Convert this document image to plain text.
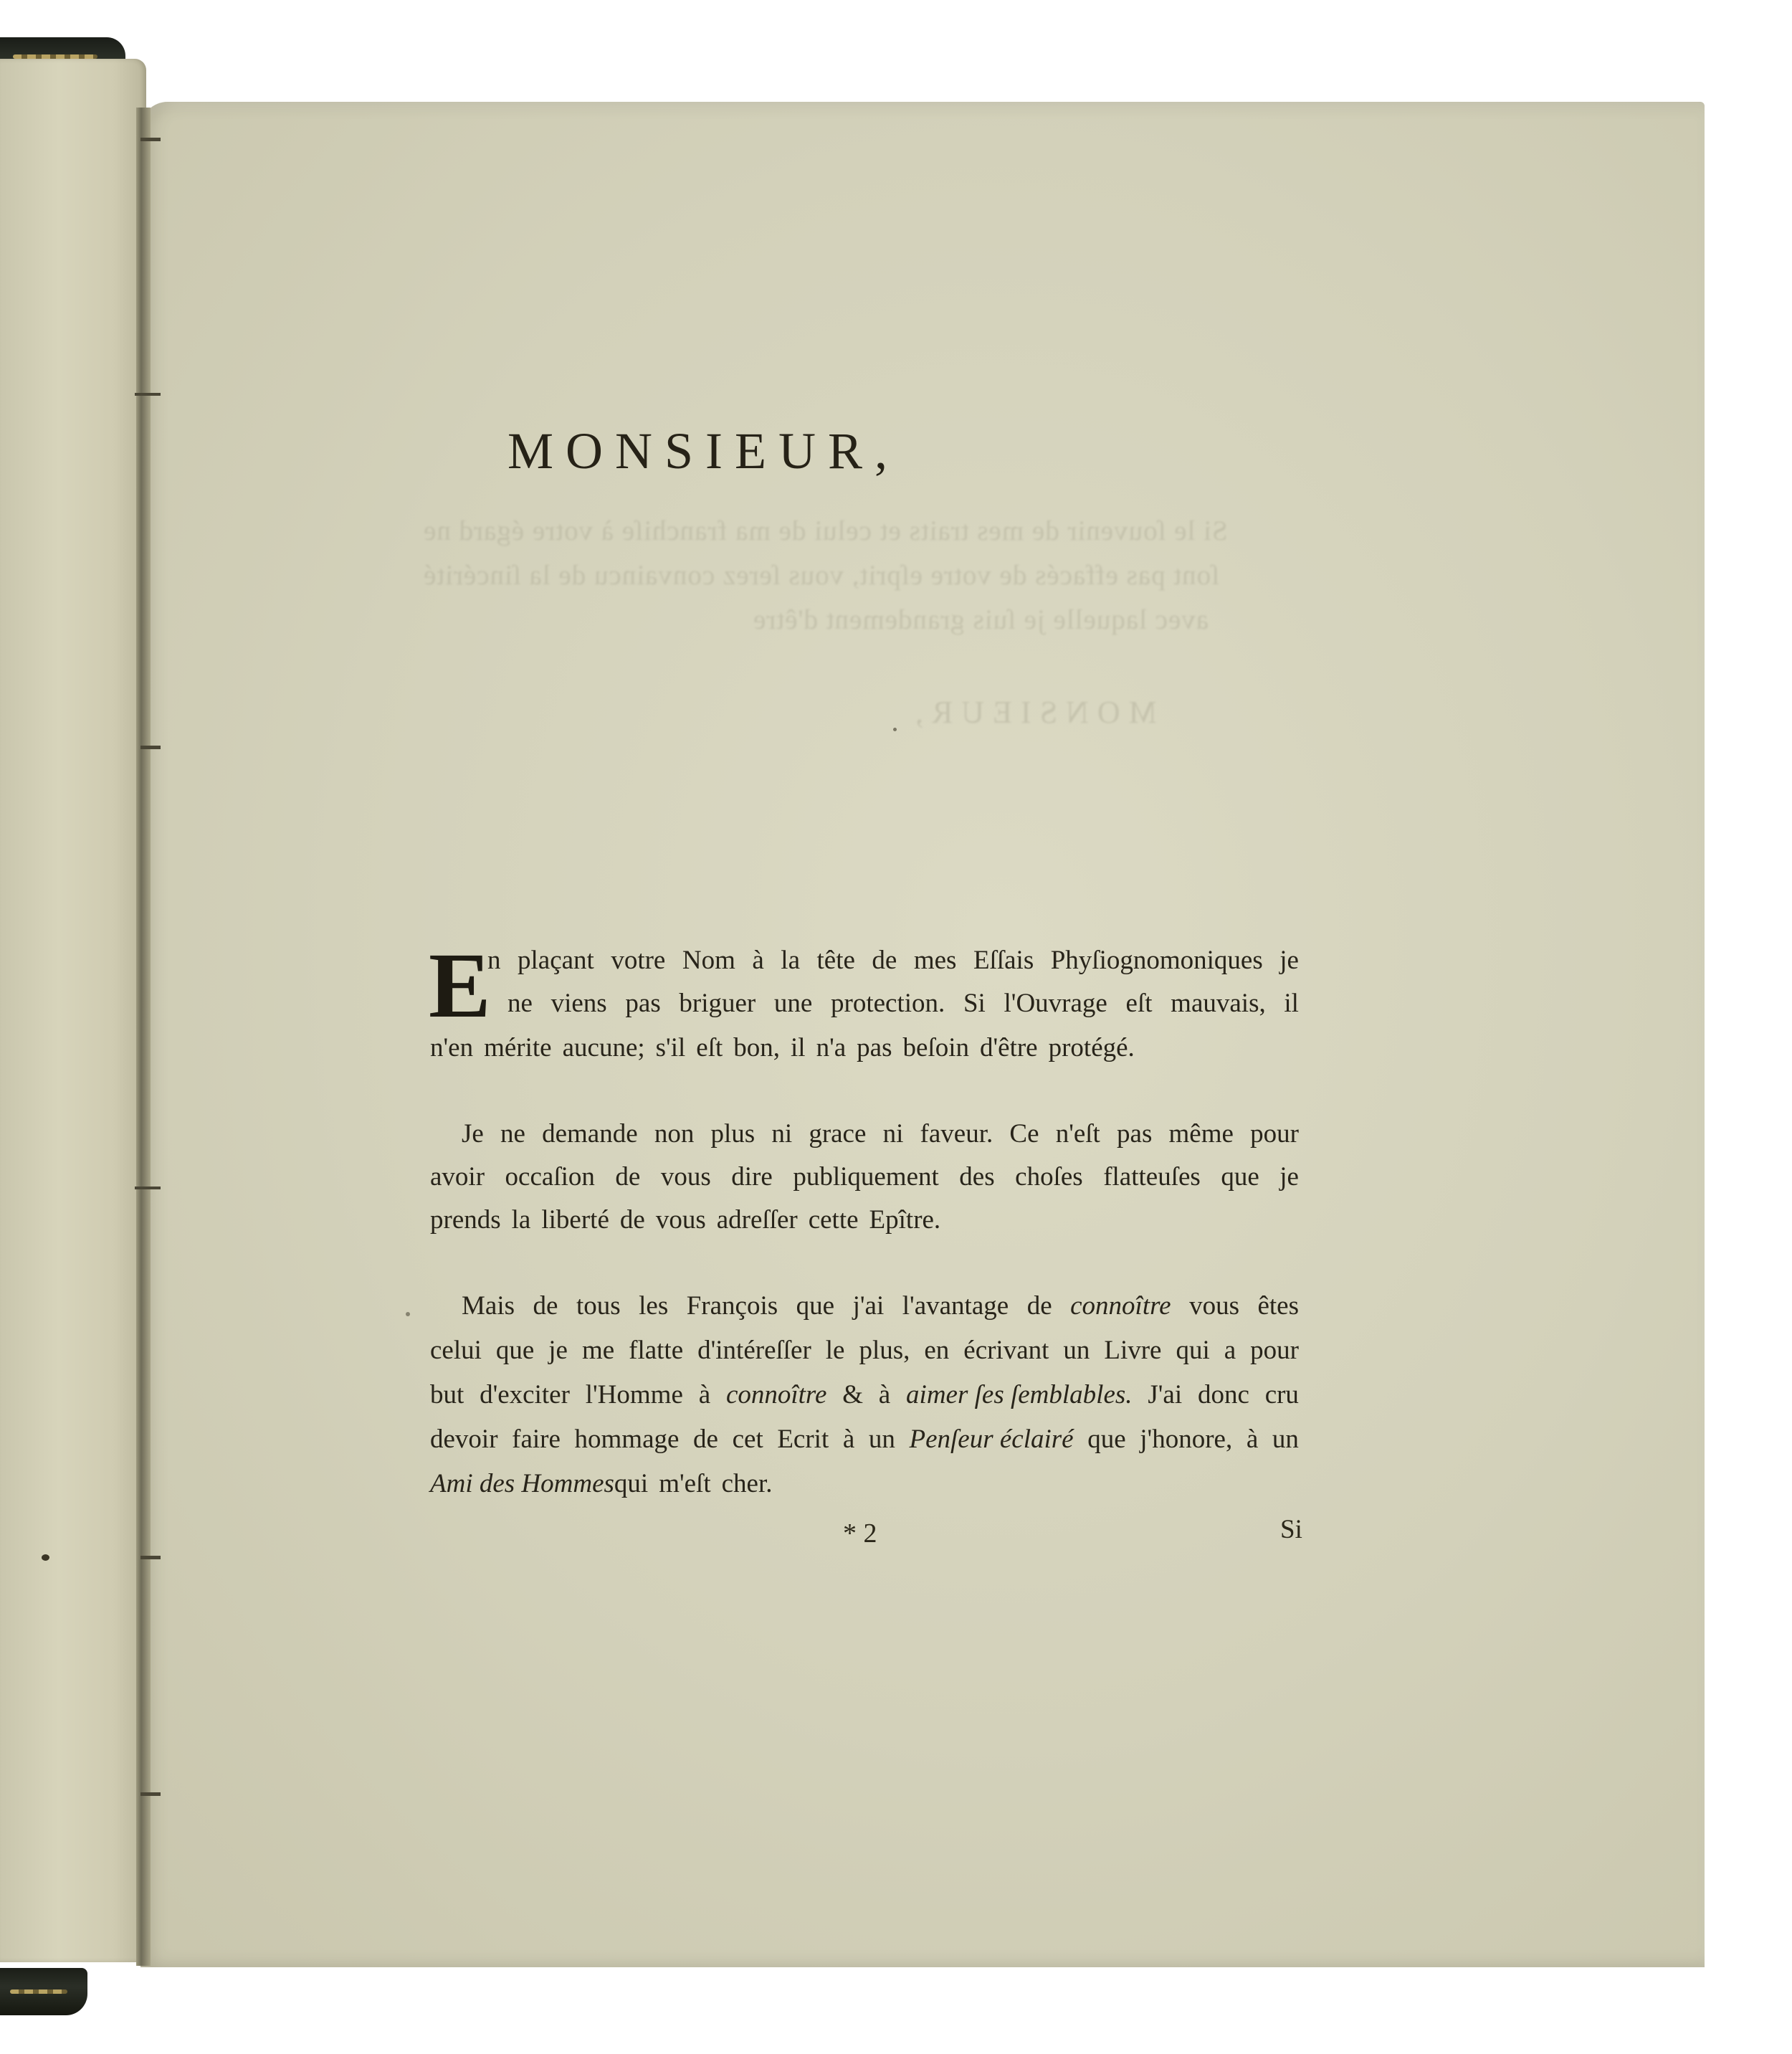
Si le ſouvenir de mes traits et celui de ma franchiſe à votre égard ne
ſont pas effacés de votre eſprit, vous ſerez convaincu de la ſincérité
avec laquelle je ſuis grandement d'être
MONSIEUR,
MONSIEUR,
E
n plaçant votre Nom à la tête de mes Eſſais Phyſiognomoniques je
ne viens pas briguer une protection. Si l'Ouvrage eſt mauvais, il
n'en mérite aucune; s'il eſt bon, il n'a pas beſoin d'être protégé.
Je ne demande non plus ni grace ni faveur. Ce n'eſt pas même pour
avoir occaſion de vous dire publiquement des choſes flatteuſes que je
prends la liberté de vous adreſſer cette Epître.
Mais de tous les François que j'ai l'avantage de connoître vous êtes
celui que je me flatte d'intéreſſer le plus, en écrivant un Livre qui a pour
but d'exciter l'Homme à connoître & à aimer ſes ſemblables. J'ai donc cru
devoir faire hommage de cet Ecrit à un Penſeur éclairé que j'honore, à un
Ami des Hommes qui m'eſt cher.
* 2	Si
